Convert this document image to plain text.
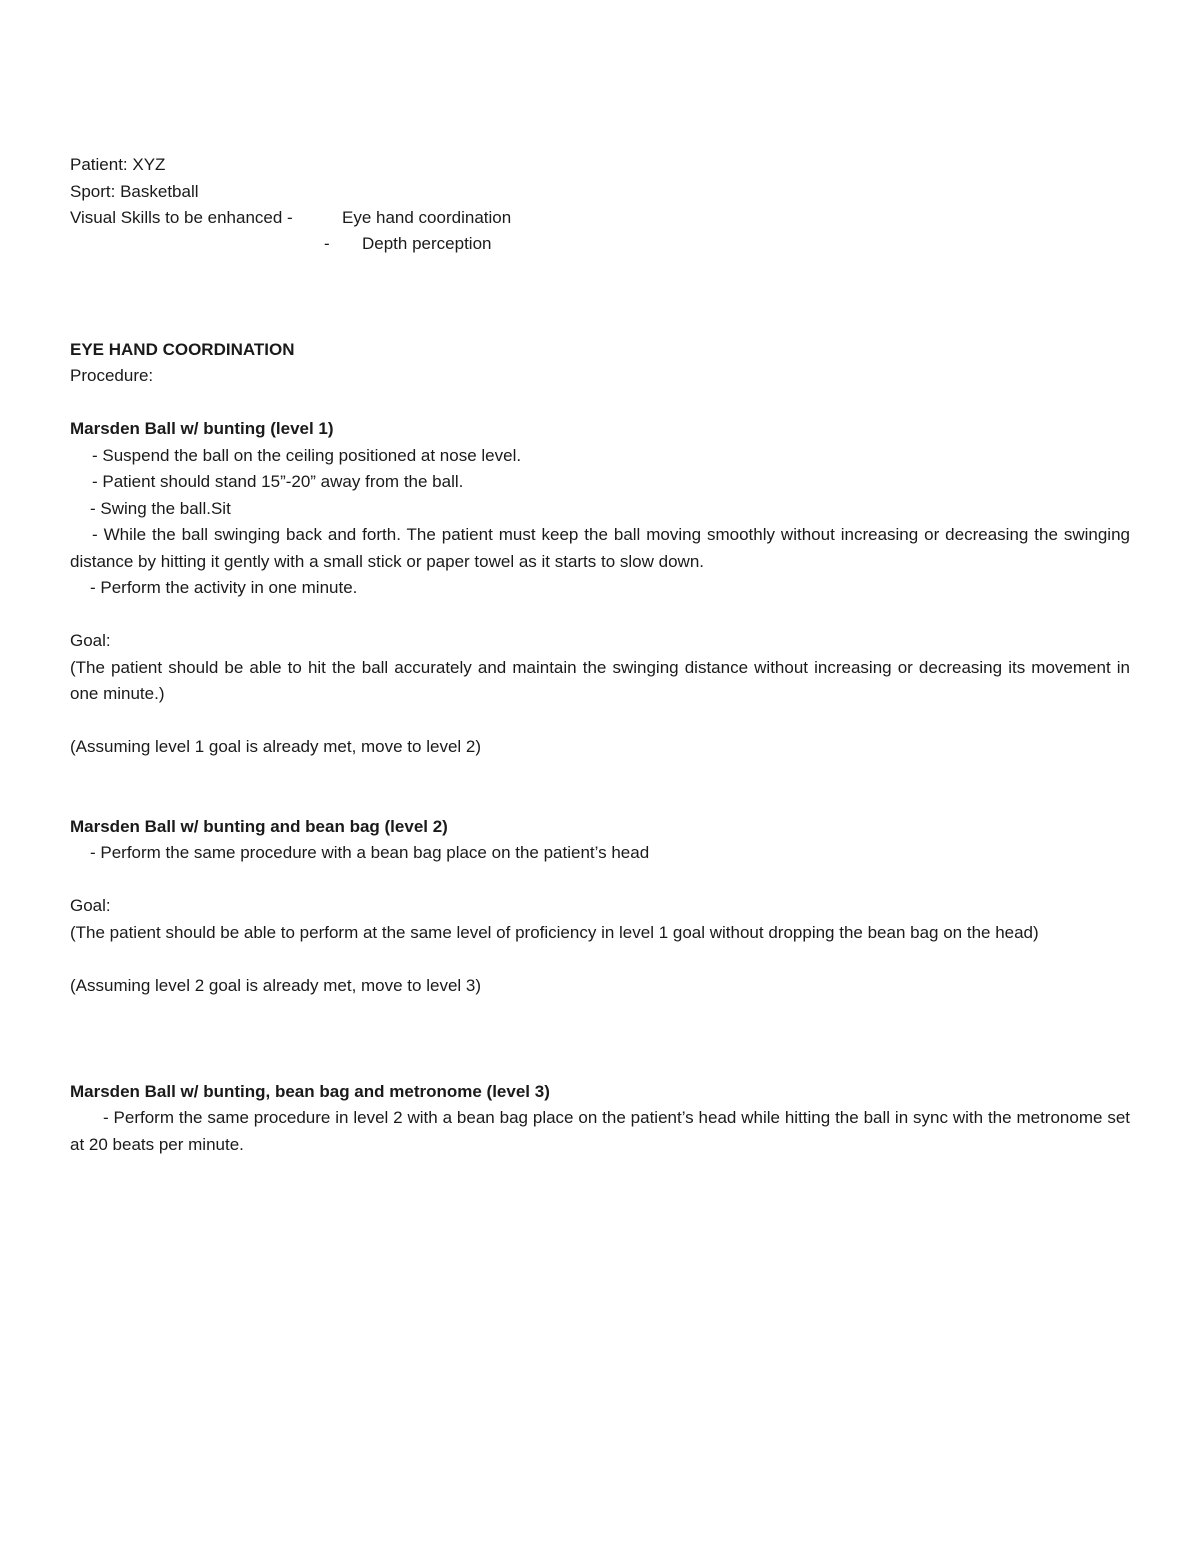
Patient: XYZ

Sport: Basketball

Visual Skills to be enhanced -	Eye hand coordination
-	Depth perception

EYE HAND COORDINATION

Procedure:

Marsden Ball w/ bunting (level 1)

- Suspend the ball on the ceiling positioned at nose level.

- Patient should stand 15”-20” away from the ball.

- Swing the ball.Sit

- While the ball swinging back and forth. The patient must keep the ball moving smoothly without increasing or decreasing the swinging distance by hitting it gently with a small stick or paper towel as it starts to slow down.

- Perform the activity in one minute.

Goal:

(The patient should be able to hit the ball accurately and maintain the swinging distance without increasing or decreasing its movement in one minute.)

(Assuming level 1 goal is already met, move to level 2)

Marsden Ball w/ bunting and bean bag (level 2)

- Perform the same procedure with a bean bag place on the patient’s head

Goal:

(The patient should be able to perform at the same level of proficiency in level 1 goal without dropping the bean bag on the head)

(Assuming level 2 goal is already met, move to level 3)

Marsden Ball w/ bunting, bean bag and metronome (level 3)

- Perform the same procedure in level 2 with a bean bag place on the patient’s head while hitting the ball in sync with the metronome set at 20 beats per minute.
